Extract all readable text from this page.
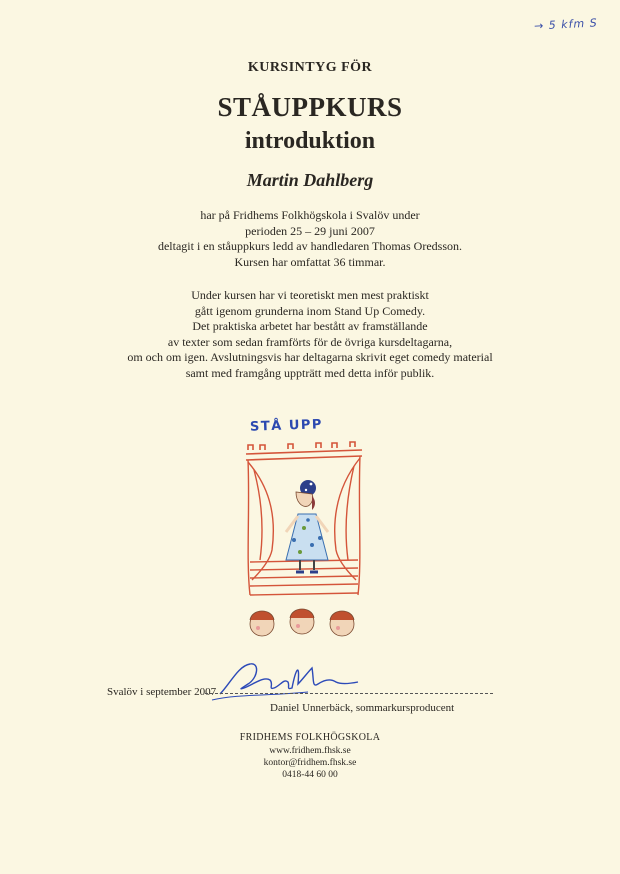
→ 5 kfm S
KURSINTYG FÖR
STÅUPPKURS
introduktion
Martin Dahlberg
har på Fridhems Folkhögskola i Svalöv under
perioden 25 – 29 juni 2007
deltagit i en ståuppkurs ledd av handledaren Thomas Oredsson.
Kursen har omfattat 36 timmar.
Under kursen har vi teoretiskt men mest praktiskt
gått igenom grunderna inom Stand Up Comedy.
Det praktiska arbetet har bestått av framställande
av texter som sedan framförts för de övriga kursdeltagarna,
om och om igen. Avslutningsvis har deltagarna skrivit eget comedy material
samt med framgång uppträtt med detta inför publik.
STÅ UPP
Svalöv i september 2007
Daniel Unnerbäck, sommarkursproducent
FRIDHEMS FOLKHÖGSKOLA
www.fridhem.fhsk.se
kontor@fridhem.fhsk.se
0418-44 60 00
